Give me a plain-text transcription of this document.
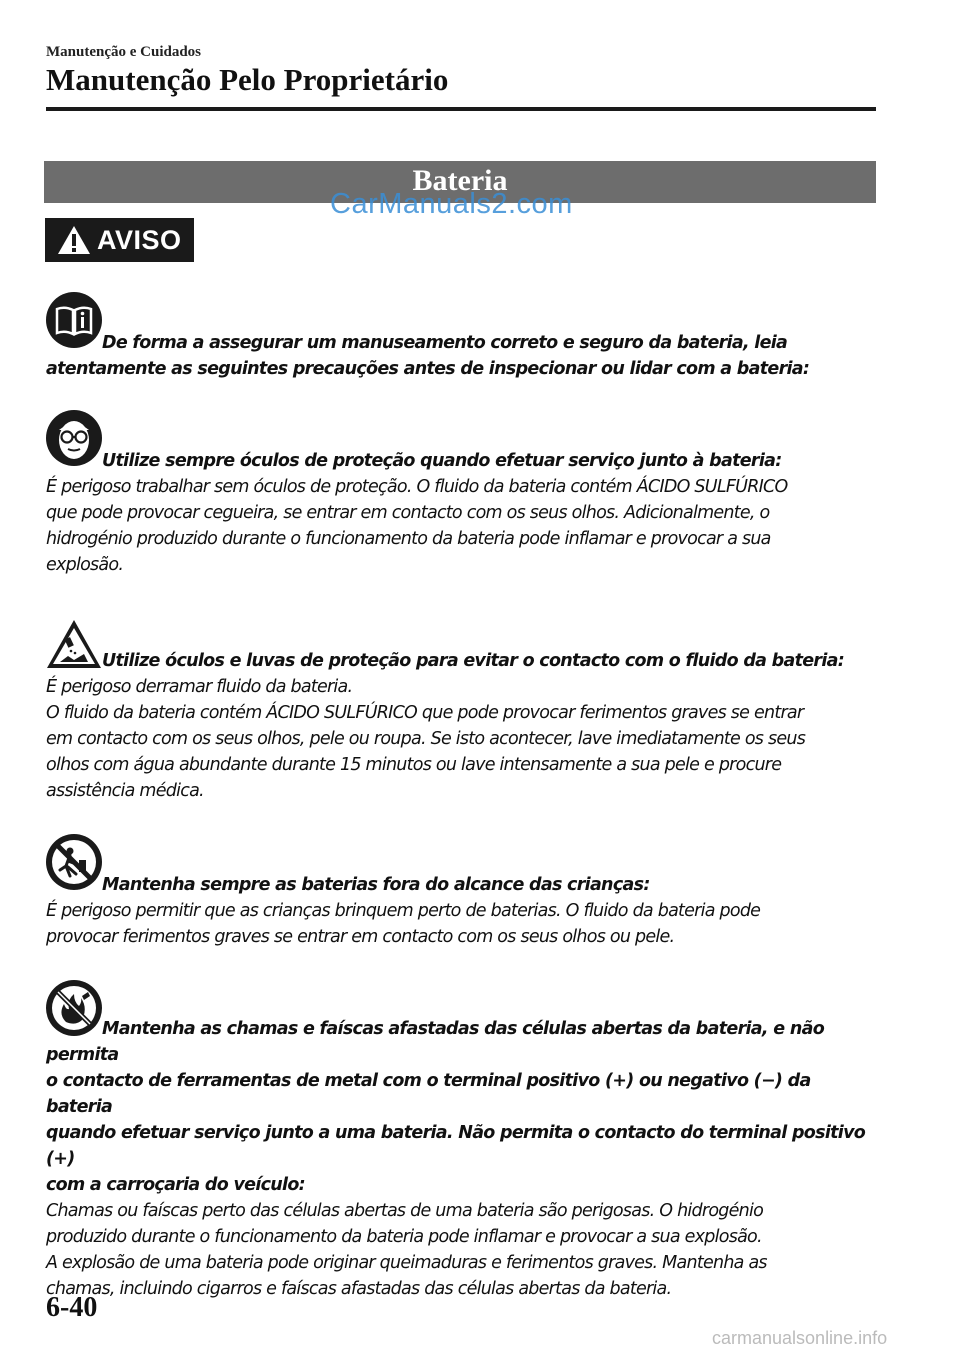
Manutenção e Cuidados
Manutenção Pelo Proprietário
Bateria
CarManuals2.com
AVISO
De forma a assegurar um manuseamento correto e seguro da bateria, leia
atentamente as seguintes precauções antes de inspecionar ou lidar com a bateria:
Utilize sempre óculos de proteção quando efetuar serviço junto à bateria:
É perigoso trabalhar sem óculos de proteção. O fluido da bateria contém ÁCIDO SULFÚRICO
que pode provocar cegueira, se entrar em contacto com os seus olhos. Adicionalmente, o
hidrogénio produzido durante o funcionamento da bateria pode inflamar e provocar a sua
explosão.
Utilize óculos e luvas de proteção para evitar o contacto com o fluido da bateria:
É perigoso derramar fluido da bateria.
O fluido da bateria contém ÁCIDO SULFÚRICO que pode provocar ferimentos graves se entrar
em contacto com os seus olhos, pele ou roupa. Se isto acontecer, lave imediatamente os seus
olhos com água abundante durante 15 minutos ou lave intensamente a sua pele e procure
assistência médica.
Mantenha sempre as baterias fora do alcance das crianças:
É perigoso permitir que as crianças brinquem perto de baterias. O fluido da bateria pode
provocar ferimentos graves se entrar em contacto com os seus olhos ou pele.
Mantenha as chamas e faíscas afastadas das células abertas da bateria, e não permita
o contacto de ferramentas de metal com o terminal positivo (+) ou negativo (−) da bateria
quando efetuar serviço junto a uma bateria. Não permita o contacto do terminal positivo (+)
com a carroçaria do veículo:
Chamas ou faíscas perto das células abertas de uma bateria são perigosas. O hidrogénio
produzido durante o funcionamento da bateria pode inflamar e provocar a sua explosão.
A explosão de uma bateria pode originar queimaduras e ferimentos graves. Mantenha as
chamas, incluindo cigarros e faíscas afastadas das células abertas da bateria.
6-40
carmanualsonline.info
